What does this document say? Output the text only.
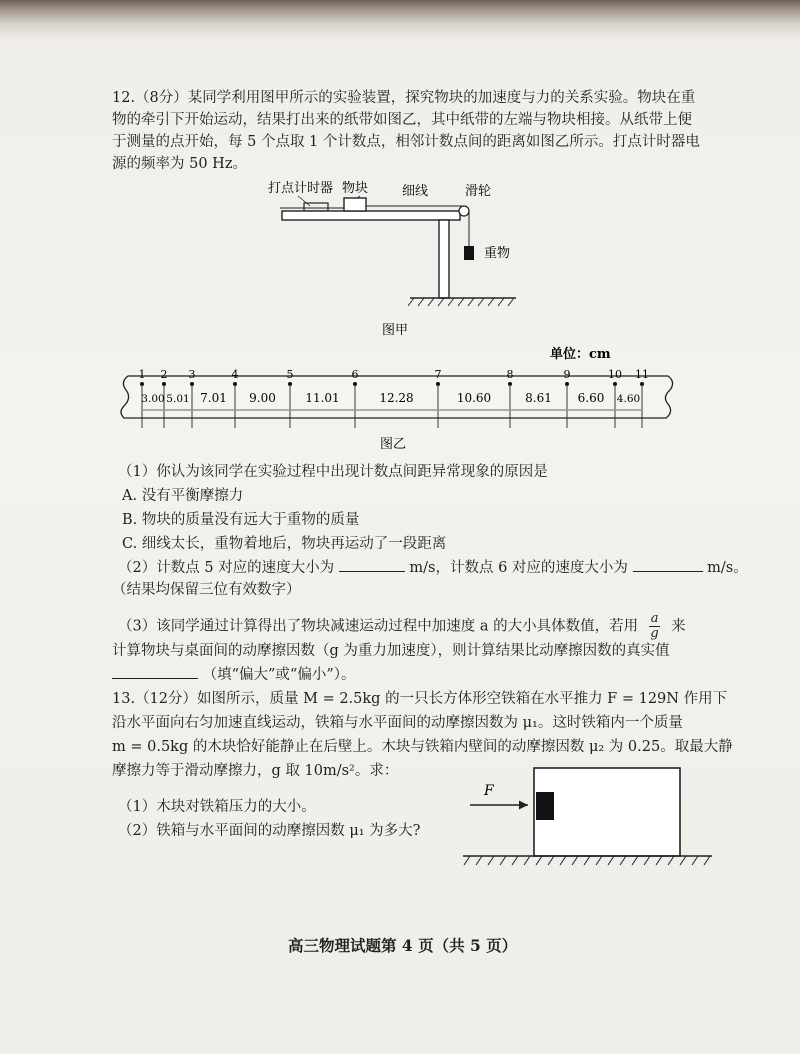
12.（8分）某同学利用图甲所示的实验装置，探究物块的加速度与力的关系实验。物块在重
物的牵引下开始运动，结果打出来的纸带如图乙，其中纸带的左端与物块相接。从纸带上便
于测量的点开始，每 5 个点取 1 个计数点，相邻计数点间的距离如图乙所示。打点计时器电
源的频率为 50 Hz。
打点计时器 物块	细线	滑轮
重物
图甲
单位：cm
1 2 3	4	5	6	7	8	9	10 11
3.00 5.01 7.01 9.00 11.01	12.28	10.60	8.61 6.60 4.60
图乙
（1）你认为该同学在实验过程中出现计数点间距异常现象的原因是
A. 没有平衡摩擦力
B. 物块的质量没有远大于重物的质量
C. 细线太长，重物着地后，物块再运动了一段距离
（2）计数点 5 对应的速度大小为	m/s，计数点 6 对应的速度大小为	m/s。
（结果均保留三位有效数字）
（3）该同学通过计算得出了物块减速运动过程中加速度 a 的大小具体数值，若用 $\frac{a}{g}$ 来
计算物块与桌面间的动摩擦因数（g 为重力加速度），则计算结果比动摩擦因数的真实值
（填“偏大”或“偏小”）。
13.（12分）如图所示，质量 M = 2.5kg 的一只长方体形空铁箱在水平推力 F = 129N 作用下
沿水平面向右匀加速直线运动，铁箱与水平面间的动摩擦因数为 μ₁。这时铁箱内一个质量
m = 0.5kg 的木块恰好能静止在后壁上。木块与铁箱内壁间的动摩擦因数 μ₂ 为 0.25。取最大静
摩擦力等于滑动摩擦力，g 取 10m/s²。求：
（1）木块对铁箱压力的大小。
（2）铁箱与水平面间的动摩擦因数 μ₁ 为多大?
F
高三物理试题第 4 页（共 5 页）
